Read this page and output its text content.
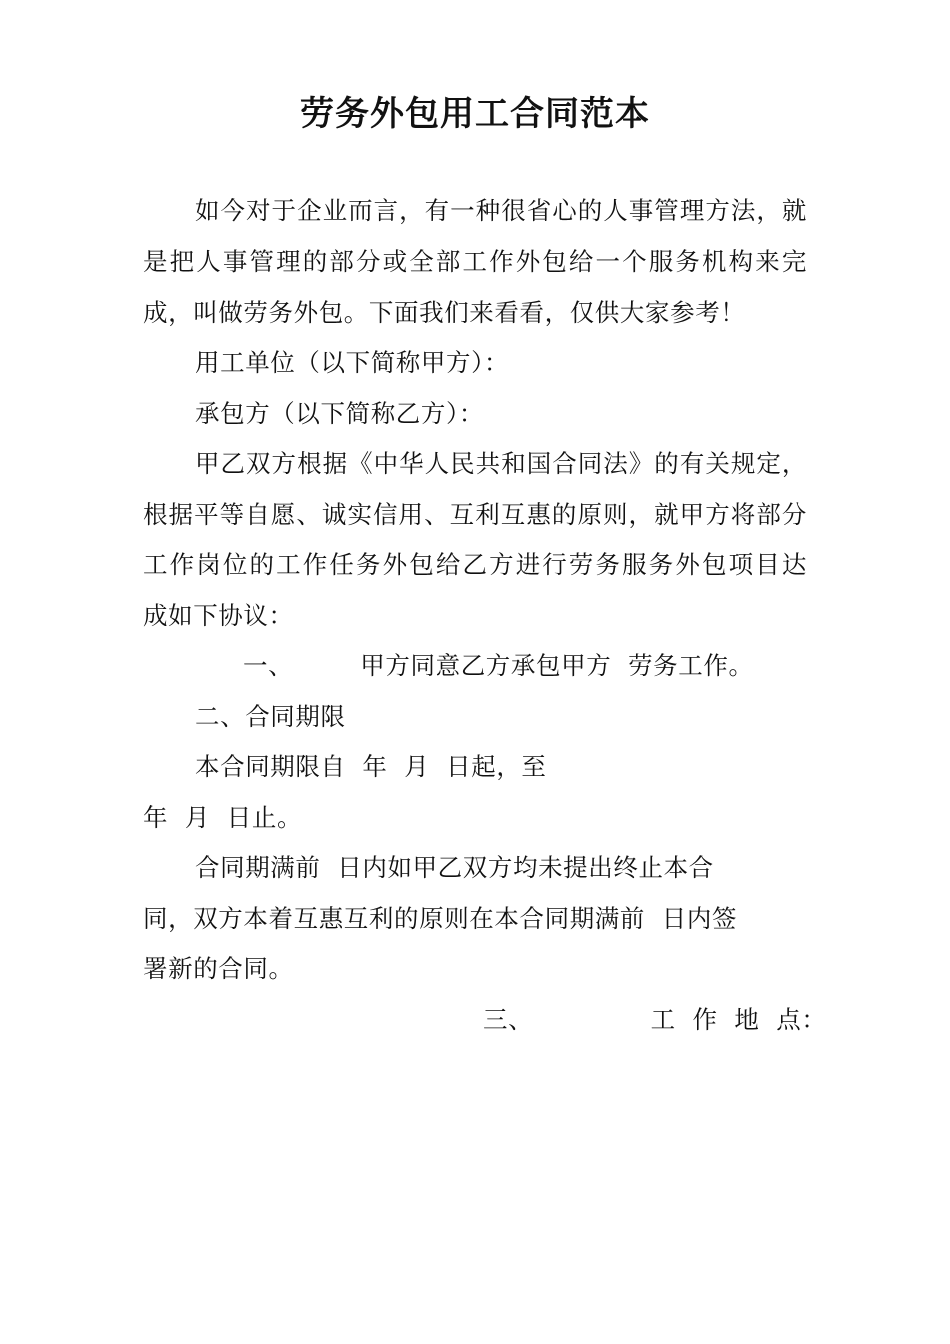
劳务外包用工合同范本
如今对于企业而言，有一种很省心的人事管理方法，就
是把人事管理的部分或全部工作外包给一个服务机构来完
成，叫做劳务外包。下面我们来看看，仅供大家参考！
用工单位（以下简称甲方）：
承包方（以下简称乙方）：
甲乙双方根据《中华人民共和国合同法》的有关规定，
根据平等自愿、诚实信用、互利互惠的原则，就甲方将部分
工作岗位的工作任务外包给乙方进行劳务服务外包项目达
成如下协议：
一、        甲方同意乙方承包甲方  劳务工作。
二、合同期限
本合同期限自  年  月  日起，至
年  月  日止。
合同期满前  日内如甲乙双方均未提出终止本合
同，双方本着互惠互利的原则在本合同期满前  日内签
署新的合同。
三、              工  作  地  点：
